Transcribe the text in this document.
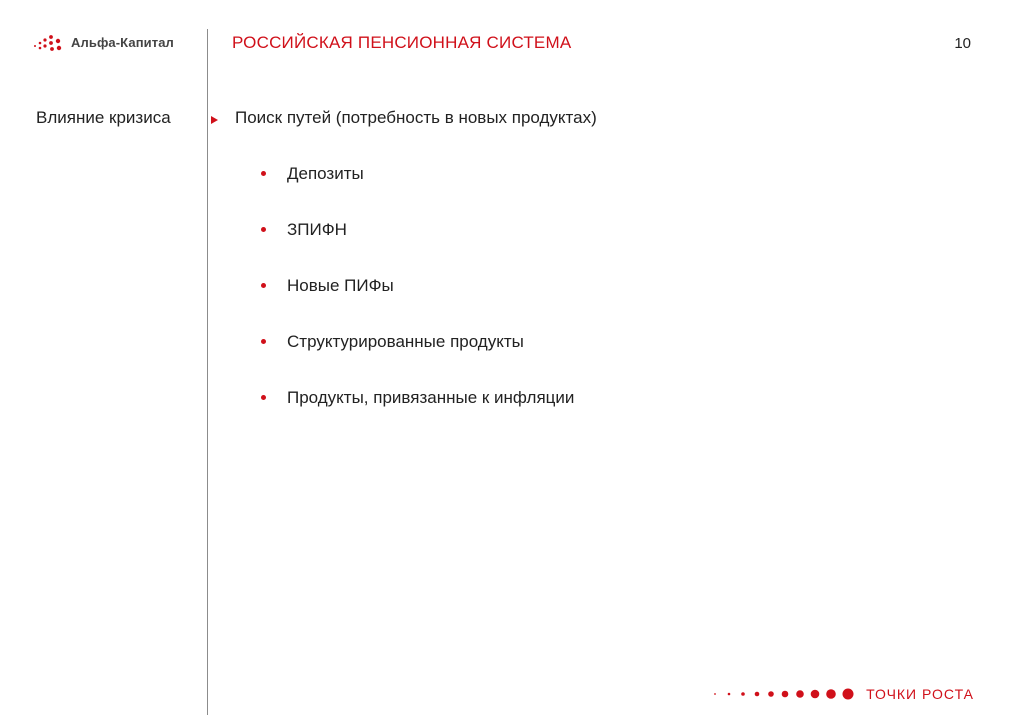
Альфа-Капитал	РОССИЙСКАЯ ПЕНСИОННАЯ СИСТЕМА	10
Влияние кризиса	Поиск путей (потребность в новых продуктах)
Депозиты
ЗПИФН
Новые ПИФы
Структурированные продукты
Продукты, привязанные к инфляции
ТОЧКИ РОСТА
